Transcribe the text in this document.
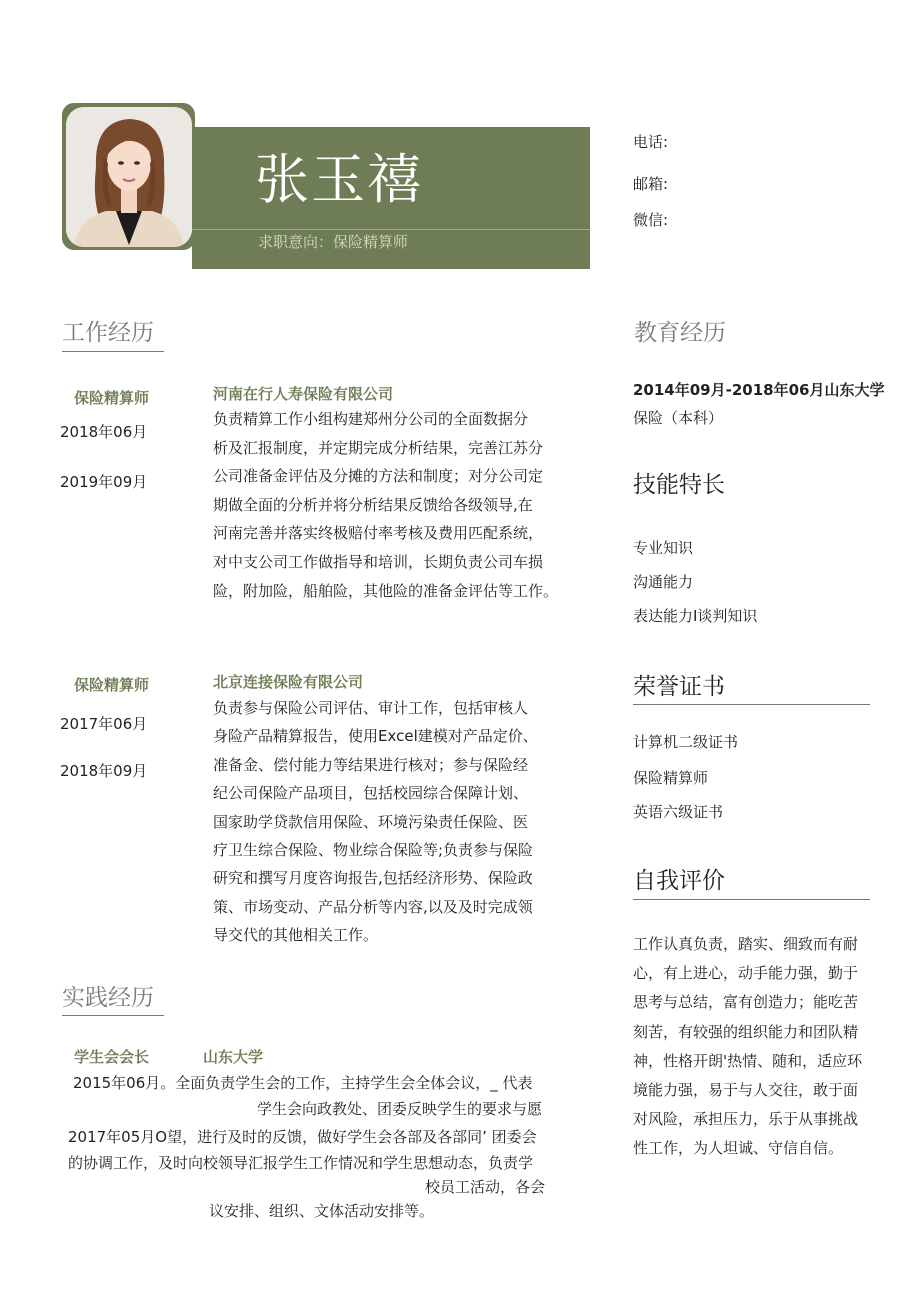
张玉禧
求职意向：保险精算师
电话:
邮箱:
微信:
工作经历
保险精算师
2018年06月
2019年09月
河南在行人寿保险有限公司
负责精算工作小组构建郑州分公司的全面数据分
析及汇报制度，并定期完成分析结果，完善江苏分
公司准备金评估及分摊的方法和制度；对分公司定
期做全面的分析并将分析结果反馈给各级领导,在
河南完善并落实终极赔付率考核及费用匹配系统，
对中支公司工作做指导和培训，长期负责公司车损
险，附加险，船舶险，其他险的准备金评估等工作。
保险精算师
2017年06月
2018年09月
北京连接保险有限公司
负责参与保险公司评估、审计工作，包括审核人
身险产品精算报告，使用Excel建模对产品定价、
准备金、偿付能力等结果进行核对；参与保险经
纪公司保险产品项目，包括校园综合保障计划、
国家助学贷款信用保险、环境污染责任保险、医
疗卫生综合保险、物业综合保险等;负责参与保险
研究和撰写月度咨询报告,包括经济形势、保险政
策、市场变动、产品分析等内容,以及及时完成领
导交代的其他相关工作。
实践经历
学生会会长	山东大学
2015年06月。全面负责学生会的工作，主持学生会全体会议，_ 代表
学生会向政教处、团委反映学生的要求与愿
2017年05月O望，进行及时的反馈，做好学生会各部及各部同’ 团委会
的协调工作，及时向校领导汇报学生工作情况和学生思想动态，负责学
校员工活动，各会
议安排、组织、文体活动安排等。
教育经历
2014年09月-2018年06月山东大学
保险（本科）
技能特长
专业知识
沟通能力
表达能力I谈判知识
荣誉证书
计算机二级证书
保险精算师
英语六级证书
自我评价
工作认真负责，踏实、细致而有耐
心，有上进心，动手能力强，勤于
思考与总结，富有创造力；能吃苦
刻苦，有较强的组织能力和团队精
神，性格开朗'热情、随和，适应环
境能力强，易于与人交往，敢于面
对风险，承担压力，乐于从事挑战
性工作，为人坦诚、守信自信。
